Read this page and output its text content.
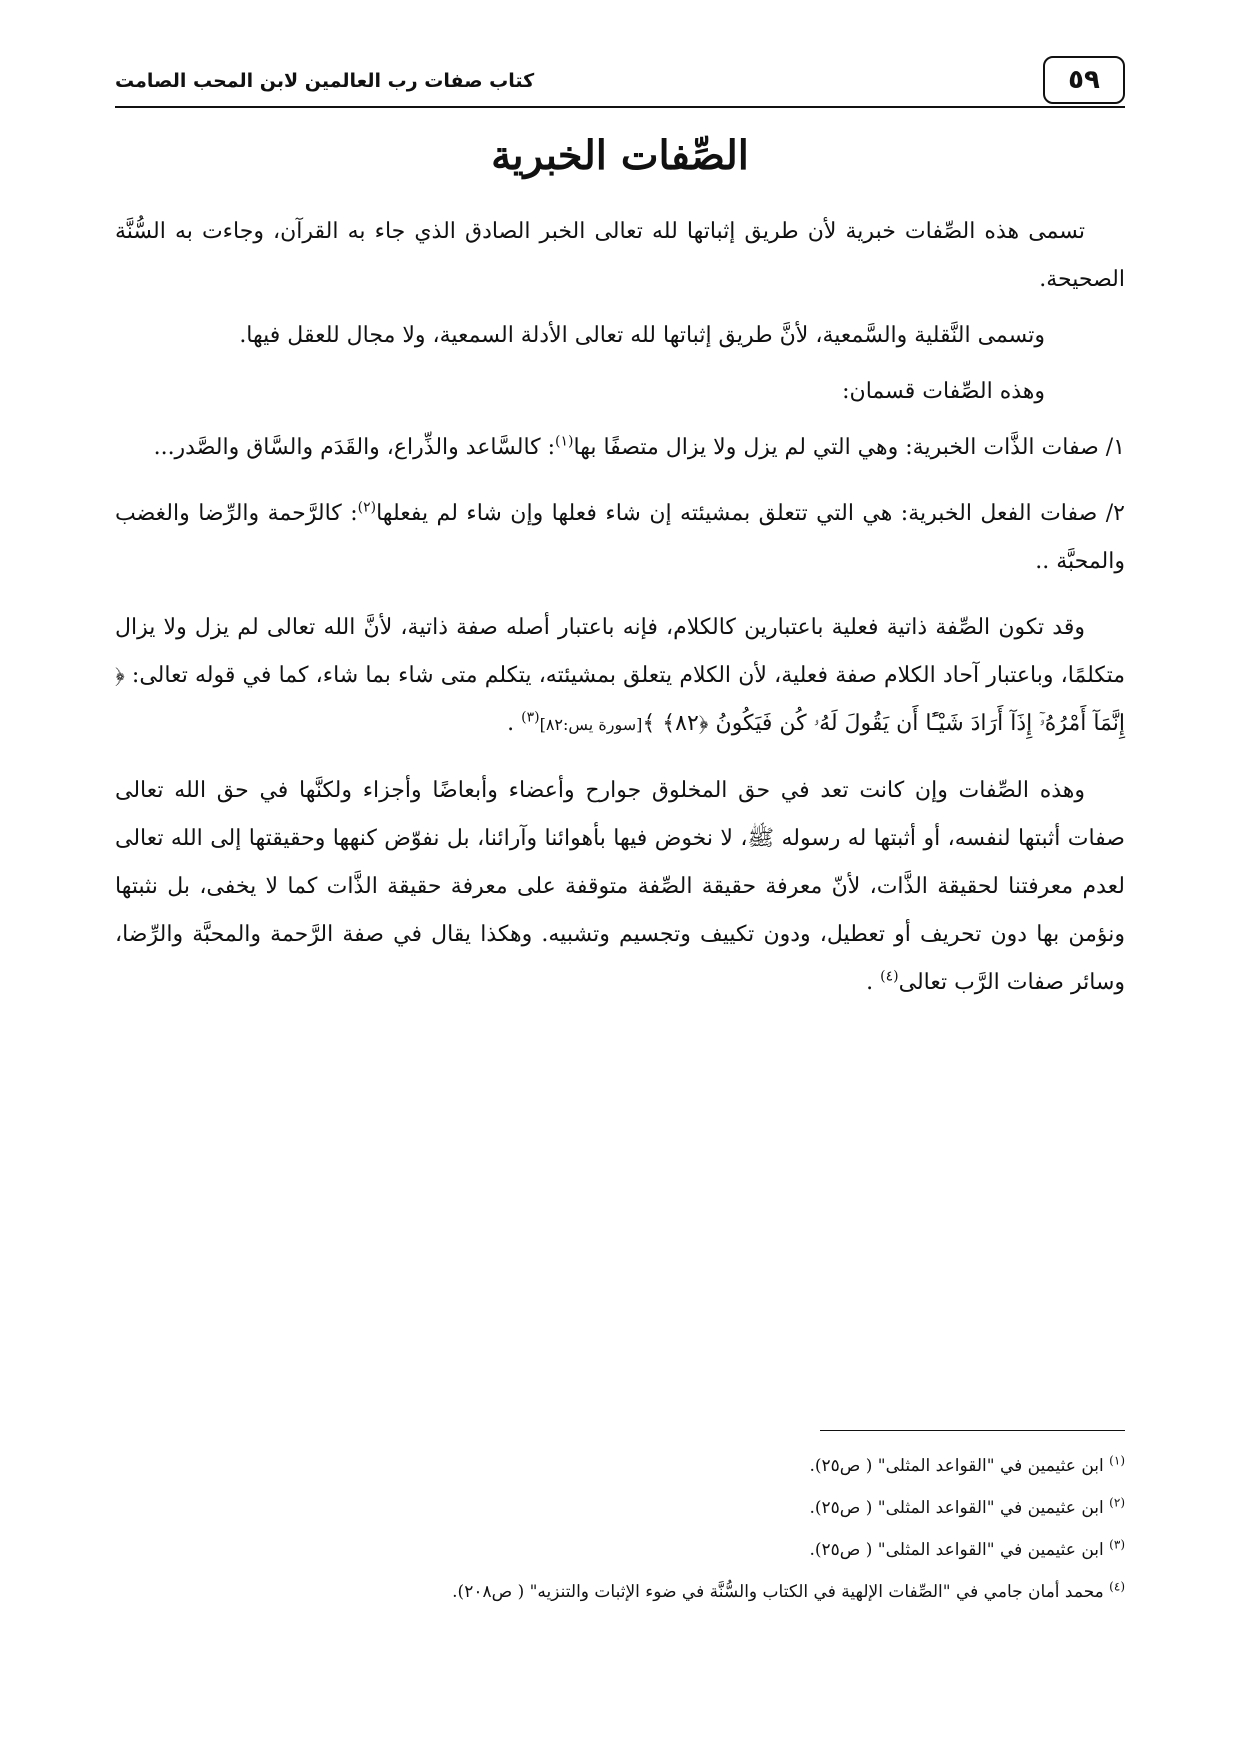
٥٩
كتاب صفات رب العالمين لابن المحب الصامت
الصِّفات الخبرية

تسمى هذه الصِّفات خبرية لأن طريق إثباتها لله تعالى الخبر الصادق الذي جاء به القرآن، وجاءت به السُّنَّة الصحيحة.

وتسمى النَّقلية والسَّمعية، لأنَّ طريق إثباتها لله تعالى الأدلة السمعية، ولا مجال للعقل فيها.

وهذه الصِّفات قسمان:

١/ صفات الذَّات الخبرية: وهي التي لم يزل ولا يزال متصفًا بها$^{(١)}$: كالسَّاعد والذِّراع، والقَدَم والسَّاق والصَّدر...

٢/ صفات الفعل الخبرية: هي التي تتعلق بمشيئته إن شاء فعلها وإن شاء لم يفعلها$^{(٢)}$: كالرَّحمة والرِّضا والغضب والمحبَّة ..

وقد تكون الصِّفة ذاتية فعلية باعتبارين كالكلام، فإنه باعتبار أصله صفة ذاتية، لأنَّ الله تعالى لم يزل ولا يزال متكلمًا، وباعتبار آحاد الكلام صفة فعلية، لأن الكلام يتعلق بمشيئته، يتكلم متى شاء بما شاء، كما في قوله تعالى: ﴿ إِنَّمَآ أَمْرُهُۥٓ إِذَآ أَرَادَ شَيْـًٔا أَن يَقُولَ لَهُۥ كُن فَيَكُونُ ﴿٨٢﴾ ﴾[سورة يس:٨٢]$^{(٣)}$ .

وهذه الصِّفات وإن كانت تعد في حق المخلوق جوارح وأعضاء وأبعاضًا وأجزاء ولكنَّها في حق الله تعالى صفات أثبتها لنفسه، أو أثبتها له رسوله ﷺ، لا نخوض فيها بأهوائنا وآرائنا، بل نفوّض كنهها وحقيقتها إلى الله تعالى لعدم معرفتنا لحقيقة الذَّات، لأنّ معرفة حقيقة الصِّفة متوقفة على معرفة حقيقة الذَّات كما لا يخفى، بل نثبتها ونؤمن بها دون تحريف أو تعطيل، ودون تكييف وتجسيم وتشبيه. وهكذا يقال في صفة الرَّحمة والمحبَّة والرِّضا، وسائر صفات الرَّب تعالى$^{(٤)}$ .

$^{(١)}$ ابن عثيمين في "القواعد المثلى" ( ص٢٥).

$^{(٢)}$ ابن عثيمين في "القواعد المثلى" ( ص٢٥).

$^{(٣)}$ ابن عثيمين في "القواعد المثلى" ( ص٢٥).

$^{(٤)}$ محمد أمان جامي في "الصِّفات الإلهية في الكتاب والسُّنَّة في ضوء الإثبات والتنزيه" ( ص٢٠٨).
